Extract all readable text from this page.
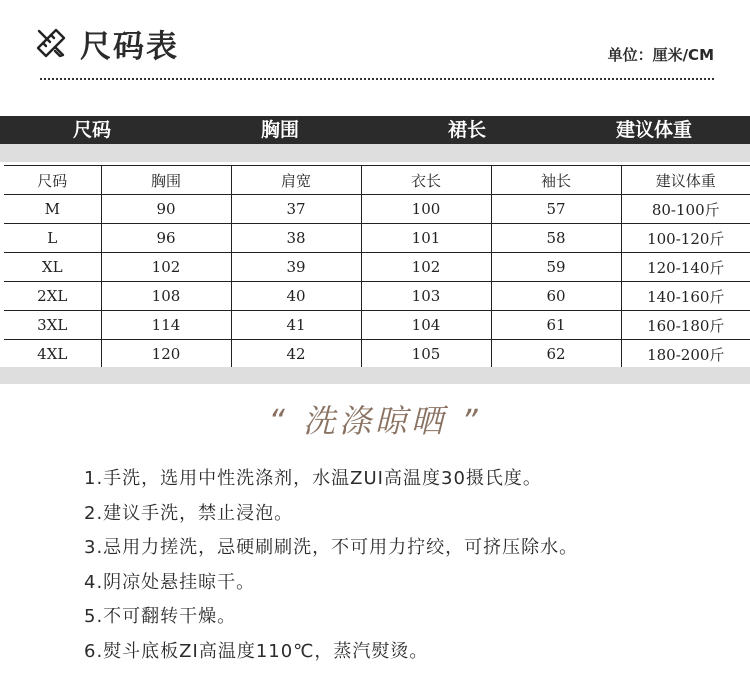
尺码表	单位：厘米/CM
尺码	胸围	裙长	建议体重
尺码	胸围	肩宽	衣长	袖长	建议体重
M	90	37	100	57	80-100斤
L	96	38	101	58	100-120斤
XL	102	39	102	59	120-140斤
2XL	108	40	103	60	140-160斤
3XL	114	41	104	61	160-180斤
4XL	120	42	105	62	180-200斤
“ 洗涤晾晒 ”
1.手洗，选用中性洗涤剂，水温ZUI高温度30摄氏度。
2.建议手洗，禁止浸泡。
3.忌用力搓洗，忌硬刷刷洗，不可用力拧绞，可挤压除水。
4.阴凉处悬挂晾干。
5.不可翻转干燥。
6.熨斗底板ZI高温度110℃，蒸汽熨烫。
